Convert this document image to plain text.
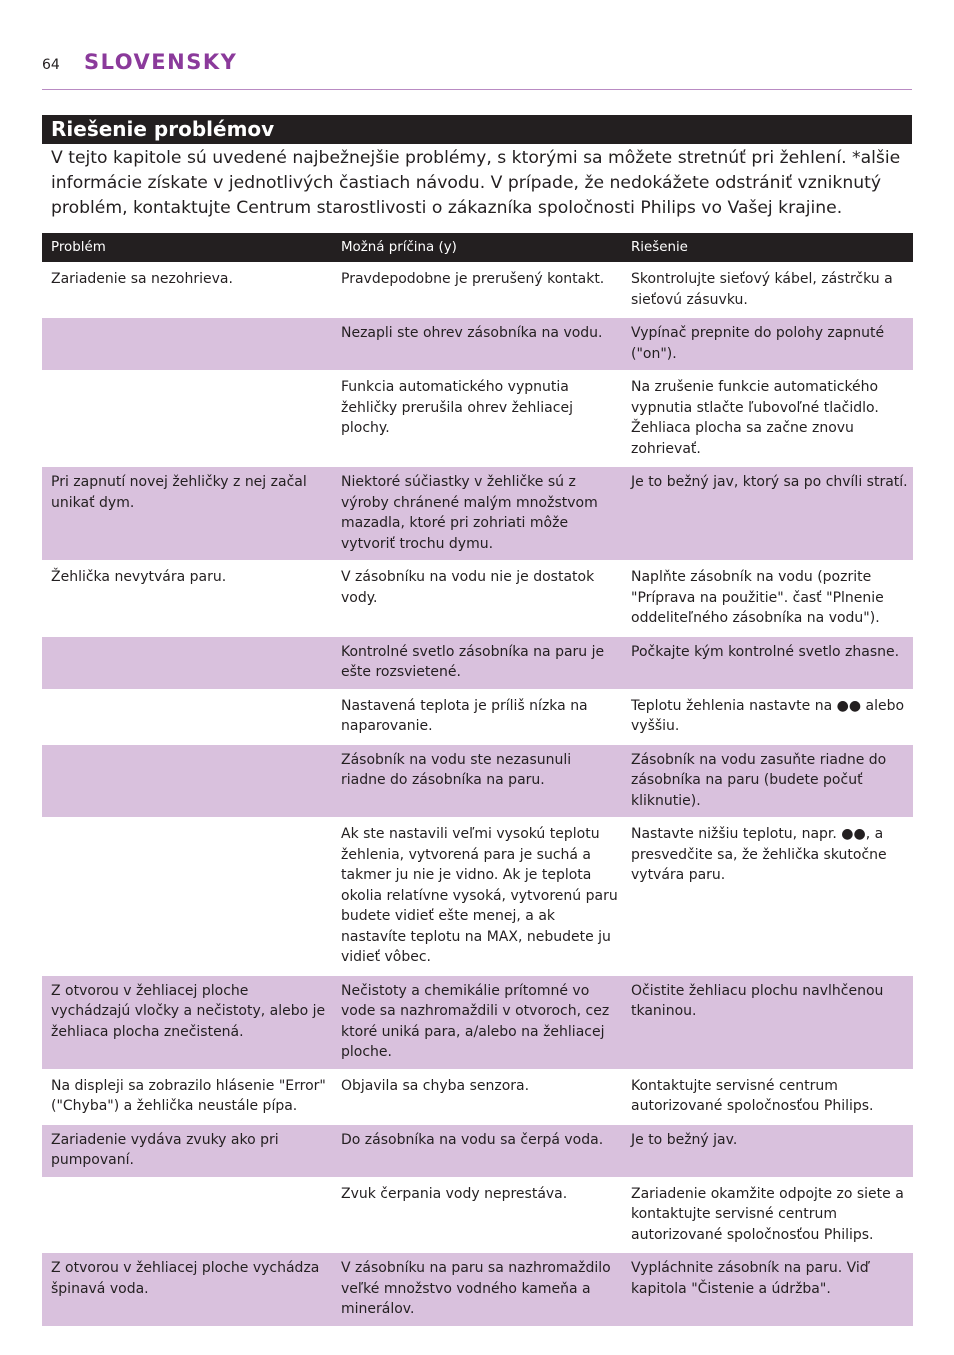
64 SLOVENSKY
Riešenie problémov

V tejto kapitole sú uvedené najbežnejšie problémy, s ktorými sa môžete stretnúť pri žehlení. *alšie informácie získate v jednotlivých častiach návodu. V prípade, že nedokážete odstrániť vzniknutý problém, kontaktujte Centrum starostlivosti o zákazníka spoločnosti Philips vo Vašej krajine.

Problém	Možná príčina (y)	Riešenie
Zariadenie sa nezohrieva.	Pravdepodobne je prerušený kontakt.	Skontrolujte sieťový kábel, zástrčku a sieťovú zásuvku.
	Nezapli ste ohrev zásobníka na vodu.	Vypínač prepnite do polohy zapnuté ("on").
	Funkcia automatického vypnutia žehličky prerušila ohrev žehliacej plochy.	Na zrušenie funkcie automatického vypnutia stlačte ľubovoľné tlačidlo. Žehliaca plocha sa začne znovu zohrievať.
Pri zapnutí novej žehličky z nej začal unikať dym.	Niektoré súčiastky v žehličke sú z výroby chránené malým množstvom mazadla, ktoré pri zohriati môže vytvoriť trochu dymu.	Je to bežný jav, ktorý sa po chvíli stratí.
Žehlička nevytvára paru.	V zásobníku na vodu nie je dostatok vody.	Naplňte zásobník na vodu (pozrite "Príprava na použitie". časť "Plnenie oddeliteľného zásobníka na vodu").
	Kontrolné svetlo zásobníka na paru je ešte rozsvietené.	Počkajte kým kontrolné svetlo zhasne.
	Nastavená teplota je príliš nízka na naparovanie.	Teplotu žehlenia nastavte na ●● alebo vyššiu.
	Zásobník na vodu ste nezasunuli riadne do zásobníka na paru.	Zásobník na vodu zasuňte riadne do zásobníka na paru (budete počuť kliknutie).
	Ak ste nastavili veľmi vysokú teplotu žehlenia, vytvorená para je suchá a takmer ju nie je vidno. Ak je teplota okolia relatívne vysoká, vytvorenú paru budete vidieť ešte menej, a ak nastavíte teplotu na MAX, nebudete ju vidieť vôbec.	Nastavte nižšiu teplotu, napr. ●●, a presvedčite sa, že žehlička skutočne vytvára paru.
Z otvorou v žehliacej ploche vychádzajú vločky a nečistoty, alebo je žehliaca plocha znečistená.	Nečistoty a chemikálie prítomné vo vode sa nazhromaždili v otvoroch, cez ktoré uniká para, a/alebo na žehliacej ploche.	Očistite žehliacu plochu navlhčenou tkaninou.
Na displeji sa zobrazilo hlásenie "Error" ("Chyba") a žehlička neustále pípa.	Objavila sa chyba senzora.	Kontaktujte servisné centrum autorizované spoločnosťou Philips.
Zariadenie vydáva zvuky ako pri pumpovaní.	Do zásobníka na vodu sa čerpá voda.	Je to bežný jav.
	Zvuk čerpania vody neprestáva.	Zariadenie okamžite odpojte zo siete a kontaktujte servisné centrum autorizované spoločnosťou Philips.
Z otvorou v žehliacej ploche vychádza špinavá voda.	V zásobníku na paru sa nazhromaždilo veľké množstvo vodného kameňa a minerálov.	Vypláchnite zásobník na paru. Viď kapitola "Čistenie a údržba".
